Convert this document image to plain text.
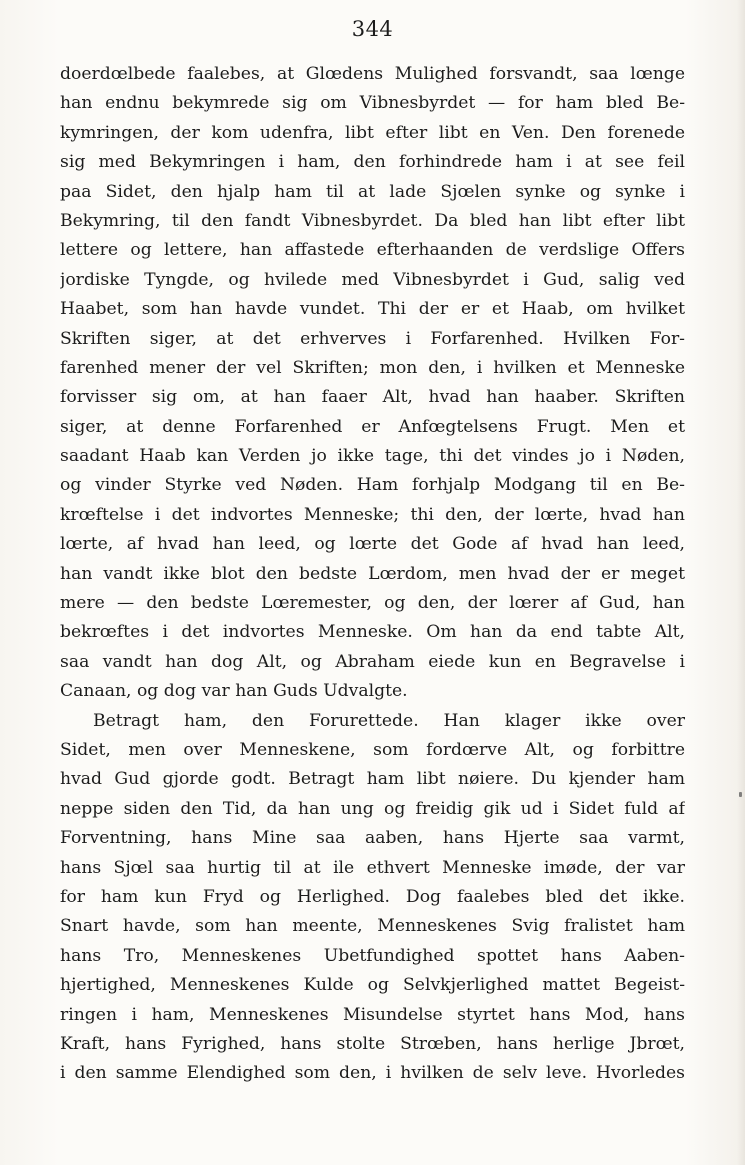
344
doerdœlbede faalebes, at Glœdens Mulighed forsvandt, saa lœnge
han endnu bekymrede sig om Vibnesbyrdet — for ham bled Be-
kymringen, der kom udenfra, libt efter libt en Ven. Den forenede
sig med Bekymringen i ham, den forhindrede ham i at see feil
paa Sidet, den hjalp ham til at lade Sjœlen synke og synke i
Bekymring, til den fandt Vibnesbyrdet. Da bled han libt efter libt
lettere og lettere, han affastede efterhaanden de verdslige Offers
jordiske Tyngde, og hvilede med Vibnesbyrdet i Gud, salig ved
Haabet, som han havde vundet. Thi der er et Haab, om hvilket
Skriften siger, at det erhverves i Forfarenhed. Hvilken For-
farenhed mener der vel Skriften; mon den, i hvilken et Menneske
forvisser sig om, at han faaer Alt, hvad han haaber. Skriften
siger, at denne Forfarenhed er Anfœgtelsens Frugt. Men et
saadant Haab kan Verden jo ikke tage, thi det vindes jo i Nøden,
og vinder Styrke ved Nøden. Ham forhjalp Modgang til en Be-
krœftelse i det indvortes Menneske; thi den, der lœrte, hvad han
lœrte, af hvad han leed, og lœrte det Gode af hvad han leed,
han vandt ikke blot den bedste Lœrdom, men hvad der er meget
mere — den bedste Lœremester, og den, der lœrer af Gud, han
bekrœftes i det indvortes Menneske. Om han da end tabte Alt,
saa vandt han dog Alt, og Abraham eiede kun en Begravelse i
Canaan, og dog var han Guds Udvalgte.
Betragt ham, den Forurettede. Han klager ikke over
Sidet, men over Menneskene, som fordœrve Alt, og forbittre
hvad Gud gjorde godt. Betragt ham libt nøiere. Du kjender ham
neppe siden den Tid, da han ung og freidig gik ud i Sidet fuld af
Forventning, hans Mine saa aaben, hans Hjerte saa varmt,
hans Sjœl saa hurtig til at ile ethvert Menneske imøde, der var
for ham kun Fryd og Herlighed. Dog faalebes bled det ikke.
Snart havde, som han meente, Menneskenes Svig fralistet ham
hans Tro, Menneskenes Ubetfundighed spottet hans Aaben-
hjertighed, Menneskenes Kulde og Selvkjerlighed mattet Begeist-
ringen i ham, Menneskenes Misundelse styrtet hans Mod, hans
Kraft, hans Fyrighed, hans stolte Strœben, hans herlige Jbrœt,
i den samme Elendighed som den, i hvilken de selv leve. Hvorledes
